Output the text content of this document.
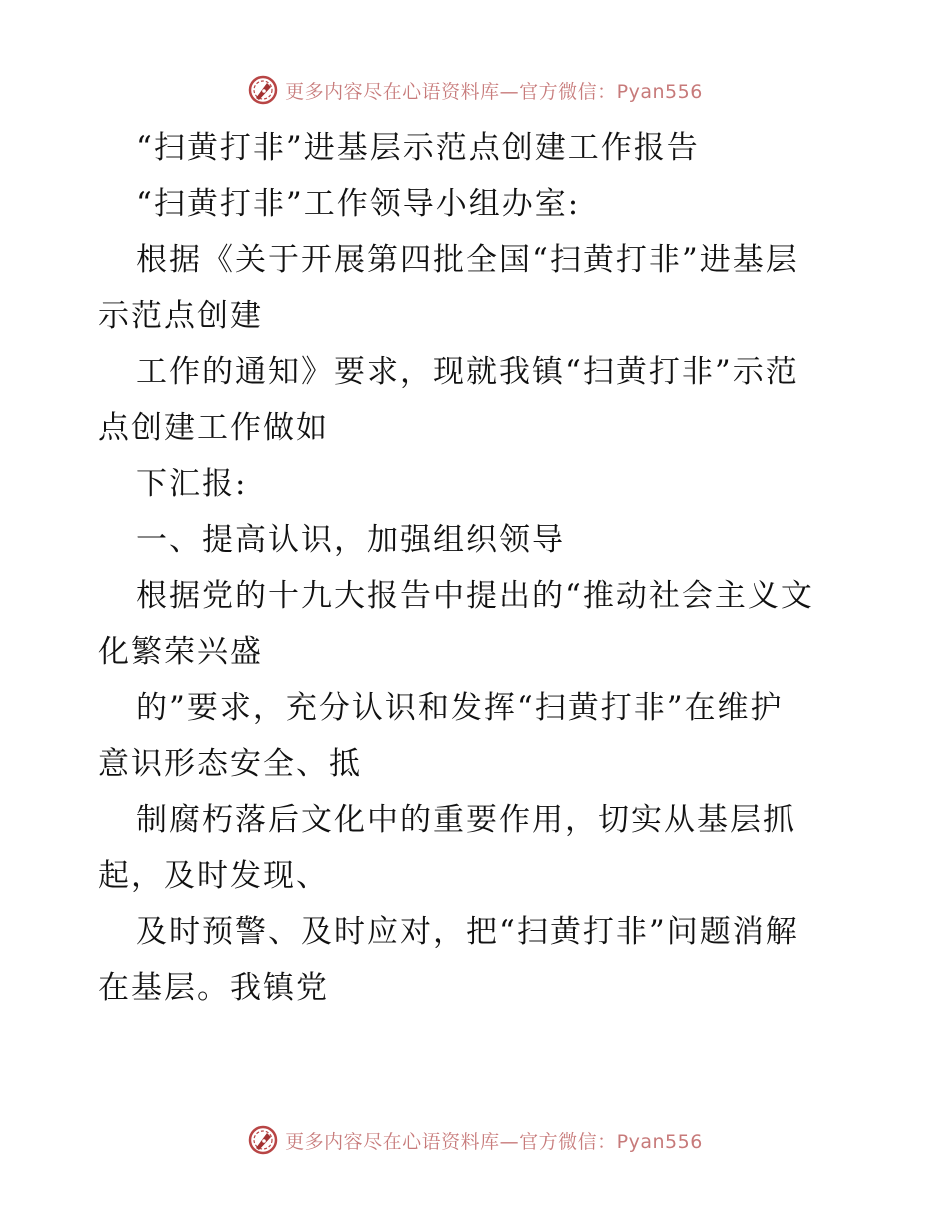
更多内容尽在心语资料库—官方微信：Pyan556
“扫黄打非”进基层示范点创建工作报告
“扫黄打非”工作领导小组办室:
根据《关于开展第四批全国“扫黄打非”进基层
示范点创建
工作的通知》要求，现就我镇“扫黄打非”示范
点创建工作做如
下汇报:
一、提高认识，加强组织领导
根据党的十九大报告中提出的“推动社会主义文
化繁荣兴盛
的”要求，充分认识和发挥“扫黄打非”在维护
意识形态安全、抵
制腐朽落后文化中的重要作用，切实从基层抓
起，及时发现、
及时预警、及时应对，把“扫黄打非”问题消解
在基层。我镇党
更多内容尽在心语资料库—官方微信：Pyan556
